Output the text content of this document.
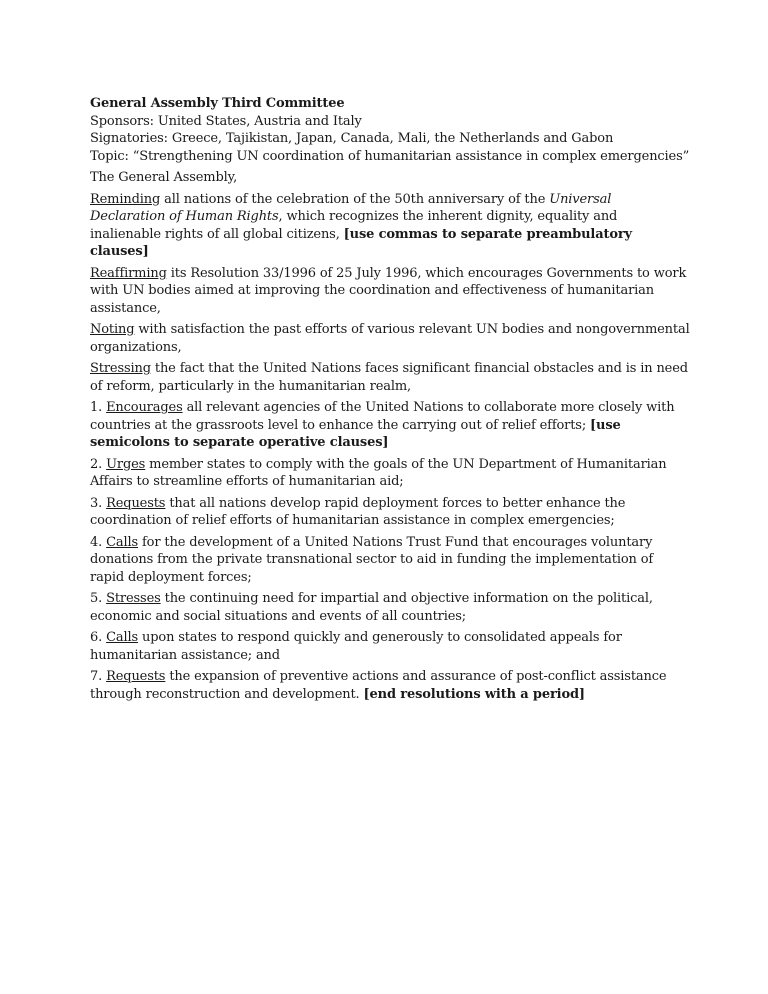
General Assembly Third Committee
Sponsors: United States, Austria and Italy
Signatories: Greece, Tajikistan, Japan, Canada, Mali, the Netherlands and Gabon
Topic: “Strengthening UN coordination of humanitarian assistance in complex emergencies”

The General Assembly,

Reminding all nations of the celebration of the 50th anniversary of the Universal Declaration of Human Rights, which recognizes the inherent dignity, equality and inalienable rights of all global citizens, [use commas to separate preambulatory clauses]

Reaffirming its Resolution 33/1996 of 25 July 1996, which encourages Governments to work with UN bodies aimed at improving the coordination and effectiveness of humanitarian assistance,

Noting with satisfaction the past efforts of various relevant UN bodies and nongovernmental organizations,

Stressing the fact that the United Nations faces significant financial obstacles and is in need of reform, particularly in the humanitarian realm,

1. Encourages all relevant agencies of the United Nations to collaborate more closely with countries at the grassroots level to enhance the carrying out of relief efforts; [use semicolons to separate operative clauses]

2. Urges member states to comply with the goals of the UN Department of Humanitarian Affairs to streamline efforts of humanitarian aid;

3. Requests that all nations develop rapid deployment forces to better enhance the coordination of relief efforts of humanitarian assistance in complex emergencies;

4. Calls for the development of a United Nations Trust Fund that encourages voluntary donations from the private transnational sector to aid in funding the implementation of rapid deployment forces;

5. Stresses the continuing need for impartial and objective information on the political, economic and social situations and events of all countries;

6. Calls upon states to respond quickly and generously to consolidated appeals for humanitarian assistance; and

7. Requests the expansion of preventive actions and assurance of post-conflict assistance through reconstruction and development. [end resolutions with a period]
